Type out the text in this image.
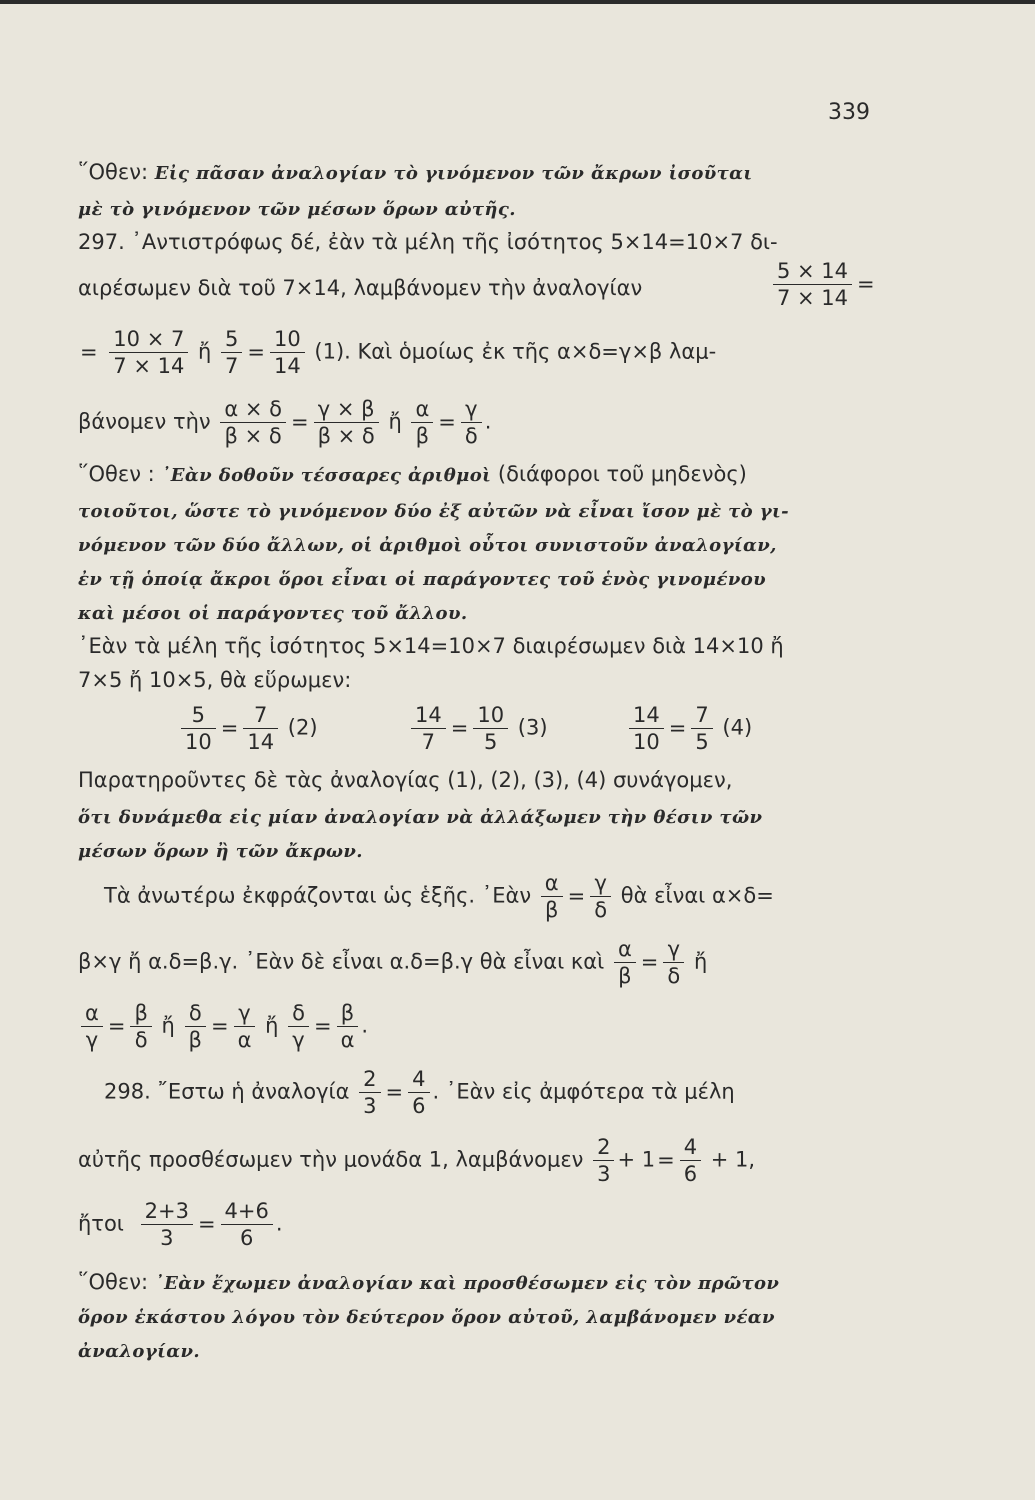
339
῞Οθεν: Εἰς πᾶσαν ἀναλογίαν τὸ γινόμενον τῶν ἄκρων ἰσοῦται
μὲ τὸ γινόμενον τῶν μέσων ὅρων αὐτῆς.
297. ᾿Αντιστρόφως δέ, ἐὰν τὰ μέλη τῆς ἰσότητος 5×14=10×7 δι-
αιρέσωμεν διὰ τοῦ 7×14, λαμβάνομεν τὴν ἀναλογίαν	$\frac{5 \times 14}{7 \times 14}$ =
= $\frac{10 \times 7}{7 \times 14}$ ἤ $\frac{5}{7} = \frac{10}{14} (1)$. Καὶ ὁμοίως ἐκ τῆς α×δ=γ×β λαμ-
βάνομεν τὴν $\frac{\alpha \times \delta}{\beta \times \delta} = \frac{\gamma \times \beta}{\beta \times \delta}$ ἤ $\frac{\alpha}{\beta} = \frac{\gamma}{\delta}$ .
῞Οθεν : ᾿Εὰν δοθοῦν τέσσαρες ἀριθμοὶ (διάφοροι τοῦ μηδενὸς)
τοιοῦτοι, ὥστε τὸ γινόμενον δύο ἐξ αὐτῶν νὰ εἶναι ἴσον μὲ τὸ γι-
νόμενον τῶν δύο ἄλλων, οἱ ἀριθμοὶ οὗτοι συνιστοῦν ἀναλογίαν,
ἐν τῇ ὁποίᾳ ἄκροι ὅροι εἶναι οἱ παράγοντες τοῦ ἑνὸς γινομένου
καὶ μέσοι οἱ παράγοντες τοῦ ἄλλου.
᾿Εὰν τὰ μέλη τῆς ἰσότητος 5×14=10×7 διαιρέσωμεν διὰ 14×10 ἤ
7×5 ἤ 10×5, θὰ εὕρωμεν:
$\frac{5}{10} = \frac{7}{14} (2)$	$\frac{14}{7} = \frac{10}{5} (3)$	$\frac{14}{10} = \frac{7}{5} (4)$
Παρατηροῦντες δὲ τὰς ἀναλογίας (1), (2), (3), (4) συνάγομεν,
ὅτι δυνάμεθα εἰς μίαν ἀναλογίαν νὰ ἀλλάξωμεν τὴν θέσιν τῶν
μέσων ὅρων ἢ τῶν ἄκρων.
Τὰ ἀνωτέρω ἐκφράζονται ὡς ἑξῆς. ᾿Εὰν $\frac{\alpha}{\beta} = \frac{\gamma}{\delta}$ θὰ εἶναι α×δ=
β×γ ἤ α.δ=β.γ. ᾿Εὰν δὲ εἶναι α.δ=β.γ θὰ εἶναι καὶ $\frac{\alpha}{\beta} = \frac{\gamma}{\delta}$ ἤ
$\frac{\alpha}{\gamma} = \frac{\beta}{\delta}$ ἤ $\frac{\delta}{\beta} = \frac{\gamma}{\alpha}$ ἤ $\frac{\delta}{\gamma} = \frac{\beta}{\alpha}$ .
298. ῎Εστω ἡ ἀναλογία $\frac{2}{3} = \frac{4}{6}$ . ᾿Εὰν εἰς ἀμφότερα τὰ μέλη
αὐτῆς προσθέσωμεν τὴν μονάδα 1, λαμβάνομεν $\frac{2}{3} + 1= \frac{4}{6} + 1$,
ἤτοι $\frac{2+3}{3} = \frac{4+6}{6}$ .
῞Οθεν: ᾿Εὰν ἔχωμεν ἀναλογίαν καὶ προσθέσωμεν εἰς τὸν πρῶτον
ὅρον ἑκάστου λόγου τὸν δεύτερον ὅρον αὐτοῦ, λαμβάνομεν νέαν
ἀναλογίαν.
